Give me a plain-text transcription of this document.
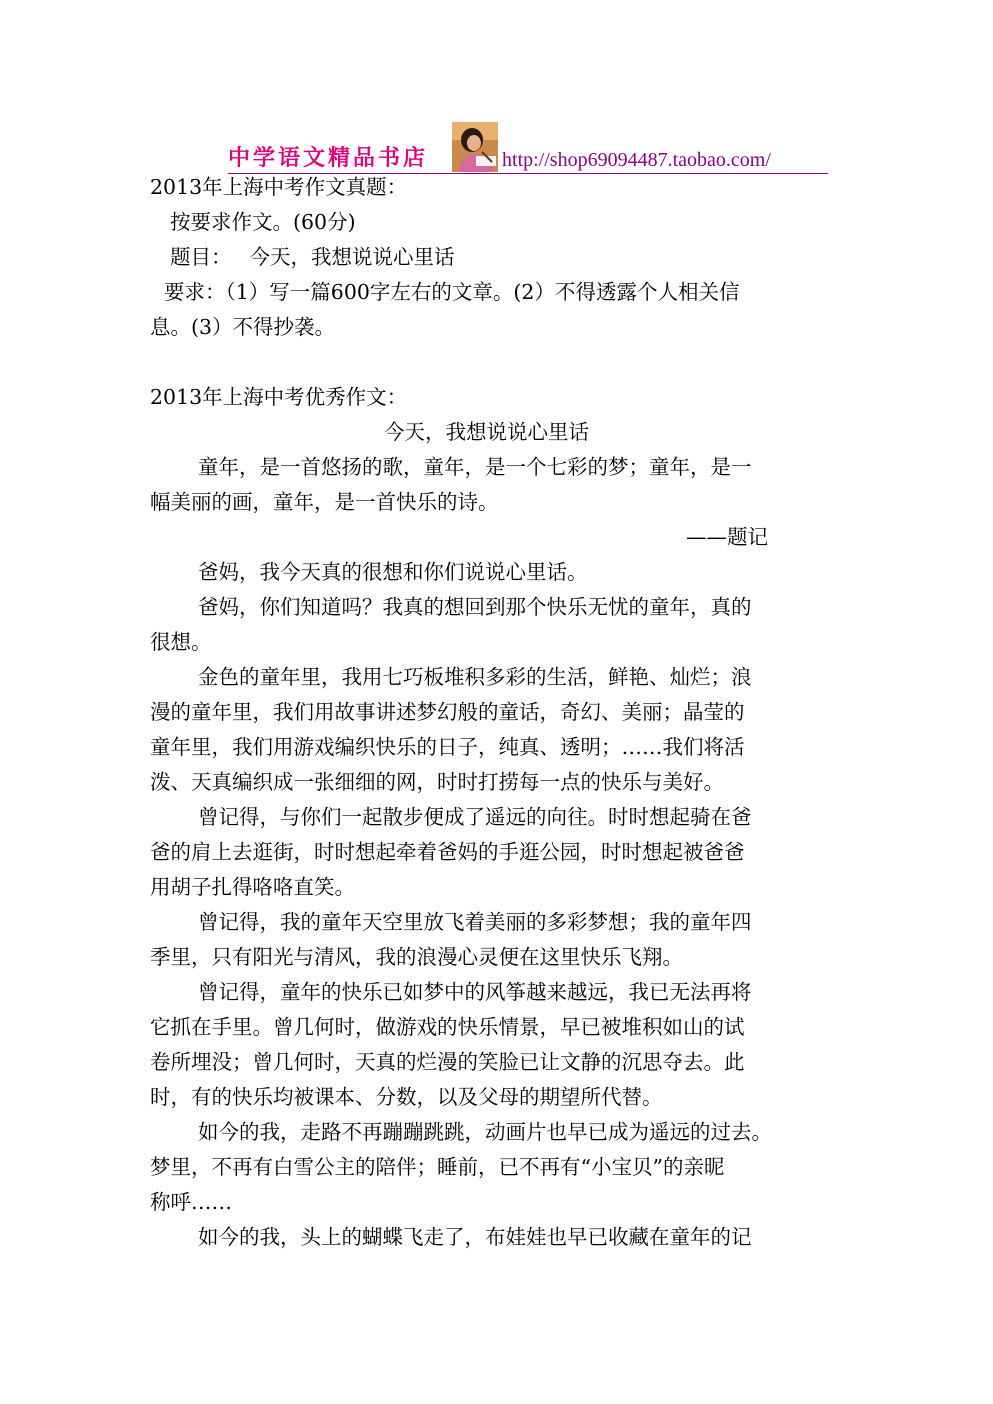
中学语文精品书店	http://shop69094487.taobao.com/

2013年上海中考作文真题：

按要求作文。(60分)

题目： 今天，我想说说心里话

要求：（1）写一篇600字左右的文章。(2）不得透露个人相关信

息。(3）不得抄袭。

2013年上海中考优秀作文：

今天，我想说说心里话

童年，是一首悠扬的歌，童年，是一个七彩的梦；童年，是一

幅美丽的画，童年，是一首快乐的诗。

——题记

爸妈，我今天真的很想和你们说说心里话。

爸妈，你们知道吗？我真的想回到那个快乐无忧的童年，真的

很想。

金色的童年里，我用七巧板堆积多彩的生活，鲜艳、灿烂；浪

漫的童年里，我们用故事讲述梦幻般的童话，奇幻、美丽；晶莹的

童年里，我们用游戏编织快乐的日子，纯真、透明；……我们将活

泼、天真编织成一张细细的网，时时打捞每一点的快乐与美好。

曾记得，与你们一起散步便成了遥远的向往。时时想起骑在爸

爸的肩上去逛街，时时想起牵着爸妈的手逛公园，时时想起被爸爸

用胡子扎得咯咯直笑。

曾记得，我的童年天空里放飞着美丽的多彩梦想；我的童年四

季里，只有阳光与清风，我的浪漫心灵便在这里快乐飞翔。

曾记得，童年的快乐已如梦中的风筝越来越远，我已无法再将

它抓在手里。曾几何时，做游戏的快乐情景，早已被堆积如山的试

卷所埋没；曾几何时，天真的烂漫的笑脸已让文静的沉思夺去。此

时，有的快乐均被课本、分数，以及父母的期望所代替。

如今的我，走路不再蹦蹦跳跳，动画片也早已成为遥远的过去。

梦里，不再有白雪公主的陪伴；睡前，已不再有“小宝贝”的亲昵

称呼……

如今的我，头上的蝴蝶飞走了，布娃娃也早已收藏在童年的记
